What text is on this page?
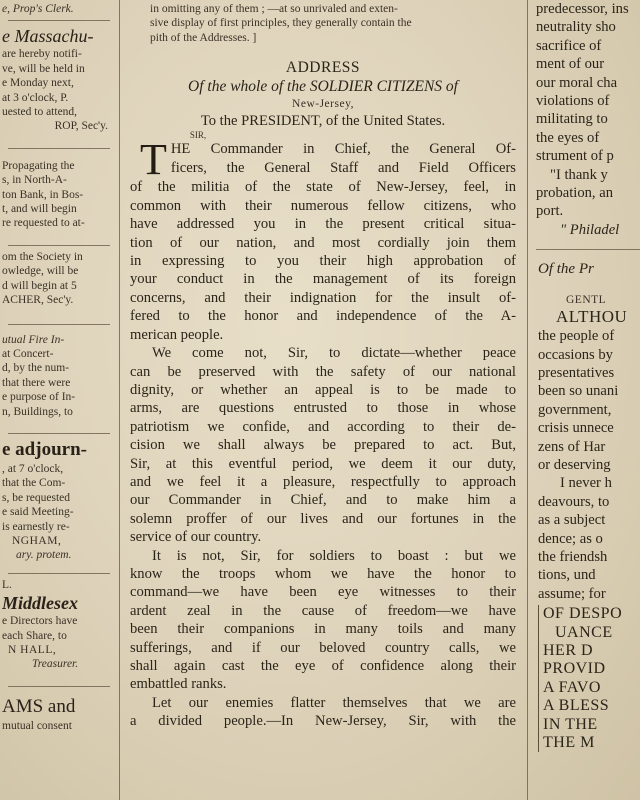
e, Prop's Clerk.
e Massachu-
are hereby notifi-
ve, will be held in
e Monday next,
at 3 o'clock, P.
uested to attend,
ROP, Sec'y.
Propagating the
s, in North-A-
ton Bank, in Bos-
t, and will begin
re requested to at-
om the Society in
owledge, will be
d will begin at 5
ACHER, Sec'y.
utual Fire In-
at Concert-
d, by the num-
that there were
e purpose of In-
n, Buildings, to
e adjourn-
, at 7 o'clock,
that the Com-
s, be requested
e said Meeting-
is earnestly re-
NGHAM,
ary. protem.
L.
Middlesex
e Directors have
each Share, to
N HALL,
Treasurer.
AMS and
mutual consent
in omitting any of them ; —at so unrivaled and exten-
sive display of first principles, they generally contain the
pith of the Addresses. ]
ADDRESS
Of the whole of the SOLDIER CITIZENS of
New-Jersey,
To the PRESIDENT, of the United States.
SIR,
T HE Commander in Chief, the General Of-
ficers, the General Staff and Field Officers
of the militia of the state of New-Jersey, feel, in
common with their numerous fellow citizens, who
have addressed you in the present critical situa-
tion of our nation, and most cordially join them
in expressing to you their high approbation of
your conduct in the management of its foreign
concerns, and their indignation for the insult of-
fered to the honor and independence of the A-
merican people.
We come not, Sir, to dictate—whether peace
can be preserved with the safety of our national
dignity, or whether an appeal is to be made to
arms, are questions entrusted to those in whose
patriotism we confide, and according to their de-
cision we shall always be prepared to act. But,
Sir, at this eventful period, we deem it our duty,
and we feel it a pleasure, respectfully to approach
our Commander in Chief, and to make him a
solemn proffer of our lives and our fortunes in the
service of our country.
It is not, Sir, for soldiers to boast : but we
know the troops whom we have the honor to
command—we have been eye witnesses to their
ardent zeal in the cause of freedom—we have
been their companions in many toils and many
sufferings, and if our beloved country calls, we
shall again cast the eye of confidence along their
embattled ranks.
Let our enemies flatter themselves that we are
a divided people.—In New-Jersey, Sir, with the
predecessor, ins
neutrality sho
sacrifice of
ment of our
our moral cha
violations of
militating to
the eyes of
strument of p
"I thank y
probation, an
port.
" Philadel
Of the Pr
GENTL
ALTHOU
the people of
occasions by
presentatives
been so unani
government,
crisis unnece
zens of Har
or deserving
I never h
deavours, to
as a subject
dence; as o
the friendsh
tions, und
assume; for
OF DESPO
UANCE
HER D
PROVID
A FAVO
A BLESS
IN THE
THE M
